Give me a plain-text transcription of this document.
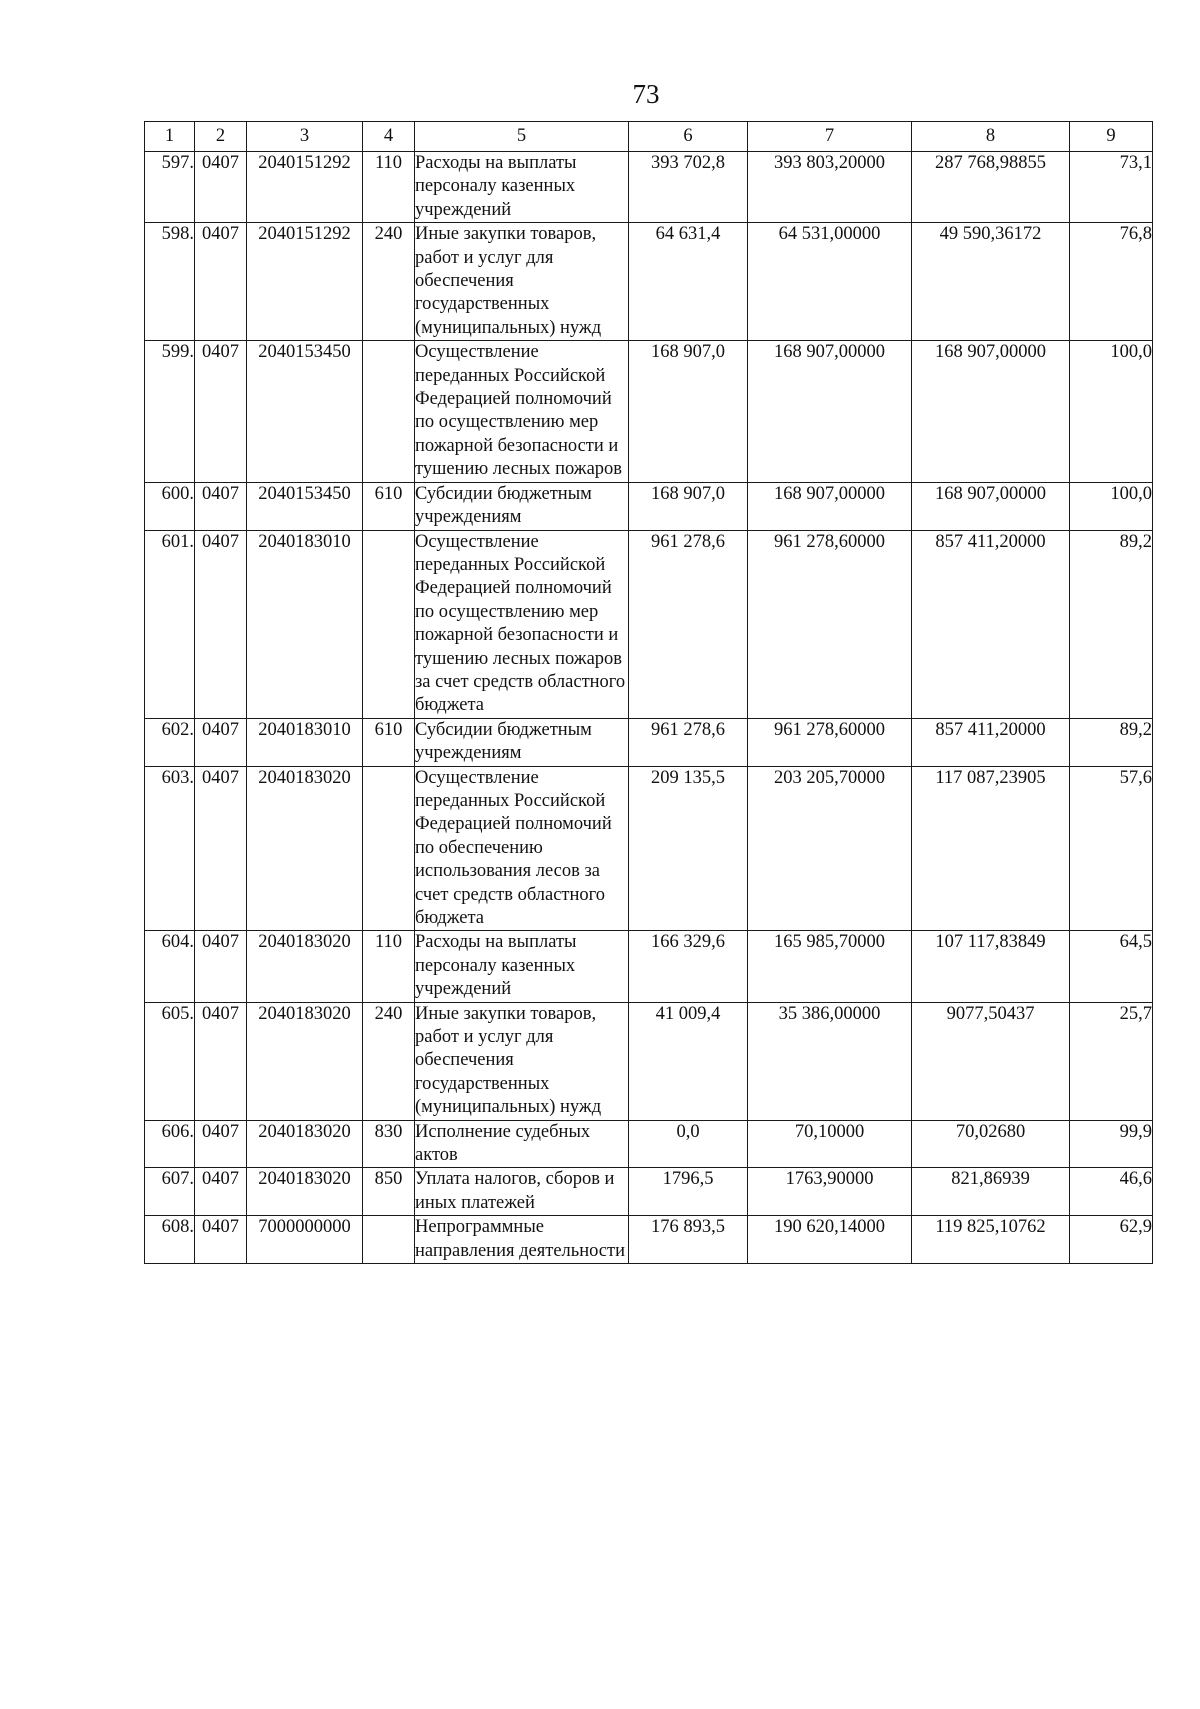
73
1	2	3	4	5	6	7	8	9
597.	0407	2040151292	110	Расходы на выплаты персоналу казенных учреждений	393 702,8	393 803,20000	287 768,98855	73,1
598.	0407	2040151292	240	Иные закупки товаров, работ и услуг для обеспечения государственных (муниципальных) нужд	64 631,4	64 531,00000	49 590,36172	76,8
599.	0407	2040153450		Осуществление переданных Российской Федерацией полномочий по осуществлению мер пожарной безопасности и тушению лесных пожаров	168 907,0	168 907,00000	168 907,00000	100,0
600.	0407	2040153450	610	Субсидии бюджетным учреждениям	168 907,0	168 907,00000	168 907,00000	100,0
601.	0407	2040183010		Осуществление переданных Российской Федерацией полномочий по осуществлению мер пожарной безопасности и тушению лесных пожаров за счет средств областного бюджета	961 278,6	961 278,60000	857 411,20000	89,2
602.	0407	2040183010	610	Субсидии бюджетным учреждениям	961 278,6	961 278,60000	857 411,20000	89,2
603.	0407	2040183020		Осуществление переданных Российской Федерацией полномочий по обеспечению использования лесов за счет средств областного бюджета	209 135,5	203 205,70000	117 087,23905	57,6
604.	0407	2040183020	110	Расходы на выплаты персоналу казенных учреждений	166 329,6	165 985,70000	107 117,83849	64,5
605.	0407	2040183020	240	Иные закупки товаров, работ и услуг для обеспечения государственных (муниципальных) нужд	41 009,4	35 386,00000	9077,50437	25,7
606.	0407	2040183020	830	Исполнение судебных актов	0,0	70,10000	70,02680	99,9
607.	0407	2040183020	850	Уплата налогов, сборов и иных платежей	1796,5	1763,90000	821,86939	46,6
608.	0407	7000000000		Непрограммные направления деятельности	176 893,5	190 620,14000	119 825,10762	62,9
